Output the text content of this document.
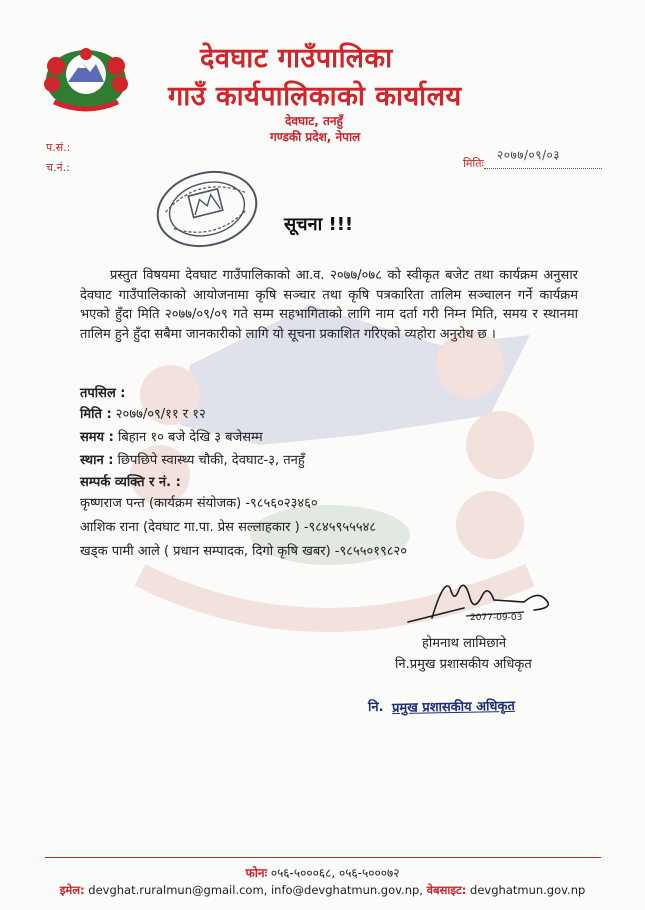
देवघाट गाउँपालिका
गाउँ कार्यपालिकाको कार्यालय
देवघाट, तनहुँ
गण्डकी प्रदेश, नेपाल
प.सं.:
च.नं.:	मितिः
२०७७/०९/०३
सूचना !!!

प्रस्तुत विषयमा देवघाट गाउँपालिकाको आ.व. २०७७/०७८ को स्वीकृत बजेट तथा कार्यक्रम अनुसार देवघाट गाउँपालिकाको आयोजनामा कृषि सञ्चार तथा कृषि पत्रकारिता तालिम सञ्चालन गर्ने कार्यक्रम भएको हुँदा मिति २०७७/०९/०९ गते सम्म सहभागिताको लागि नाम दर्ता गरी निम्न मिति, समय र स्थानमा तालिम हुने हुँदा सबैमा जानकारीको लागि यो सूचना प्रकाशित गरिएको व्यहोरा अनुरोध छ ।

तपसिल :
मिति : २०७७/०९/११ र १२
समय : बिहान १० बजे देखि ३ बजेसम्म
स्थान : छिपछिपे स्वास्थ्य चौकी, देवघाट-३, तनहुँ
सम्पर्क व्यक्ति र नं. :
कृष्णराज पन्त (कार्यक्रम संयोजक) -९८५६०२३४६०
आशिक राना (देवघाट गा.पा. प्रेस सल्लाहकार ) -९८४५९५५५४८
खड्क पामी आले ( प्रधान सम्पादक, दिगो कृषि खबर) -९८५५०१९८२०
2077-09-03
होमनाथ लामिछाने
नि.प्रमुख प्रशासकीय अधिकृत
नि. प्रमुख प्रशासकीय अधिकृत
फोनः ०५६-५०००६८, ०५६-५०००७२
इमेल: devghat.ruralmun@gmail.com, info@devghatmun.gov.np, वेबसाइट: devghatmun.gov.np
